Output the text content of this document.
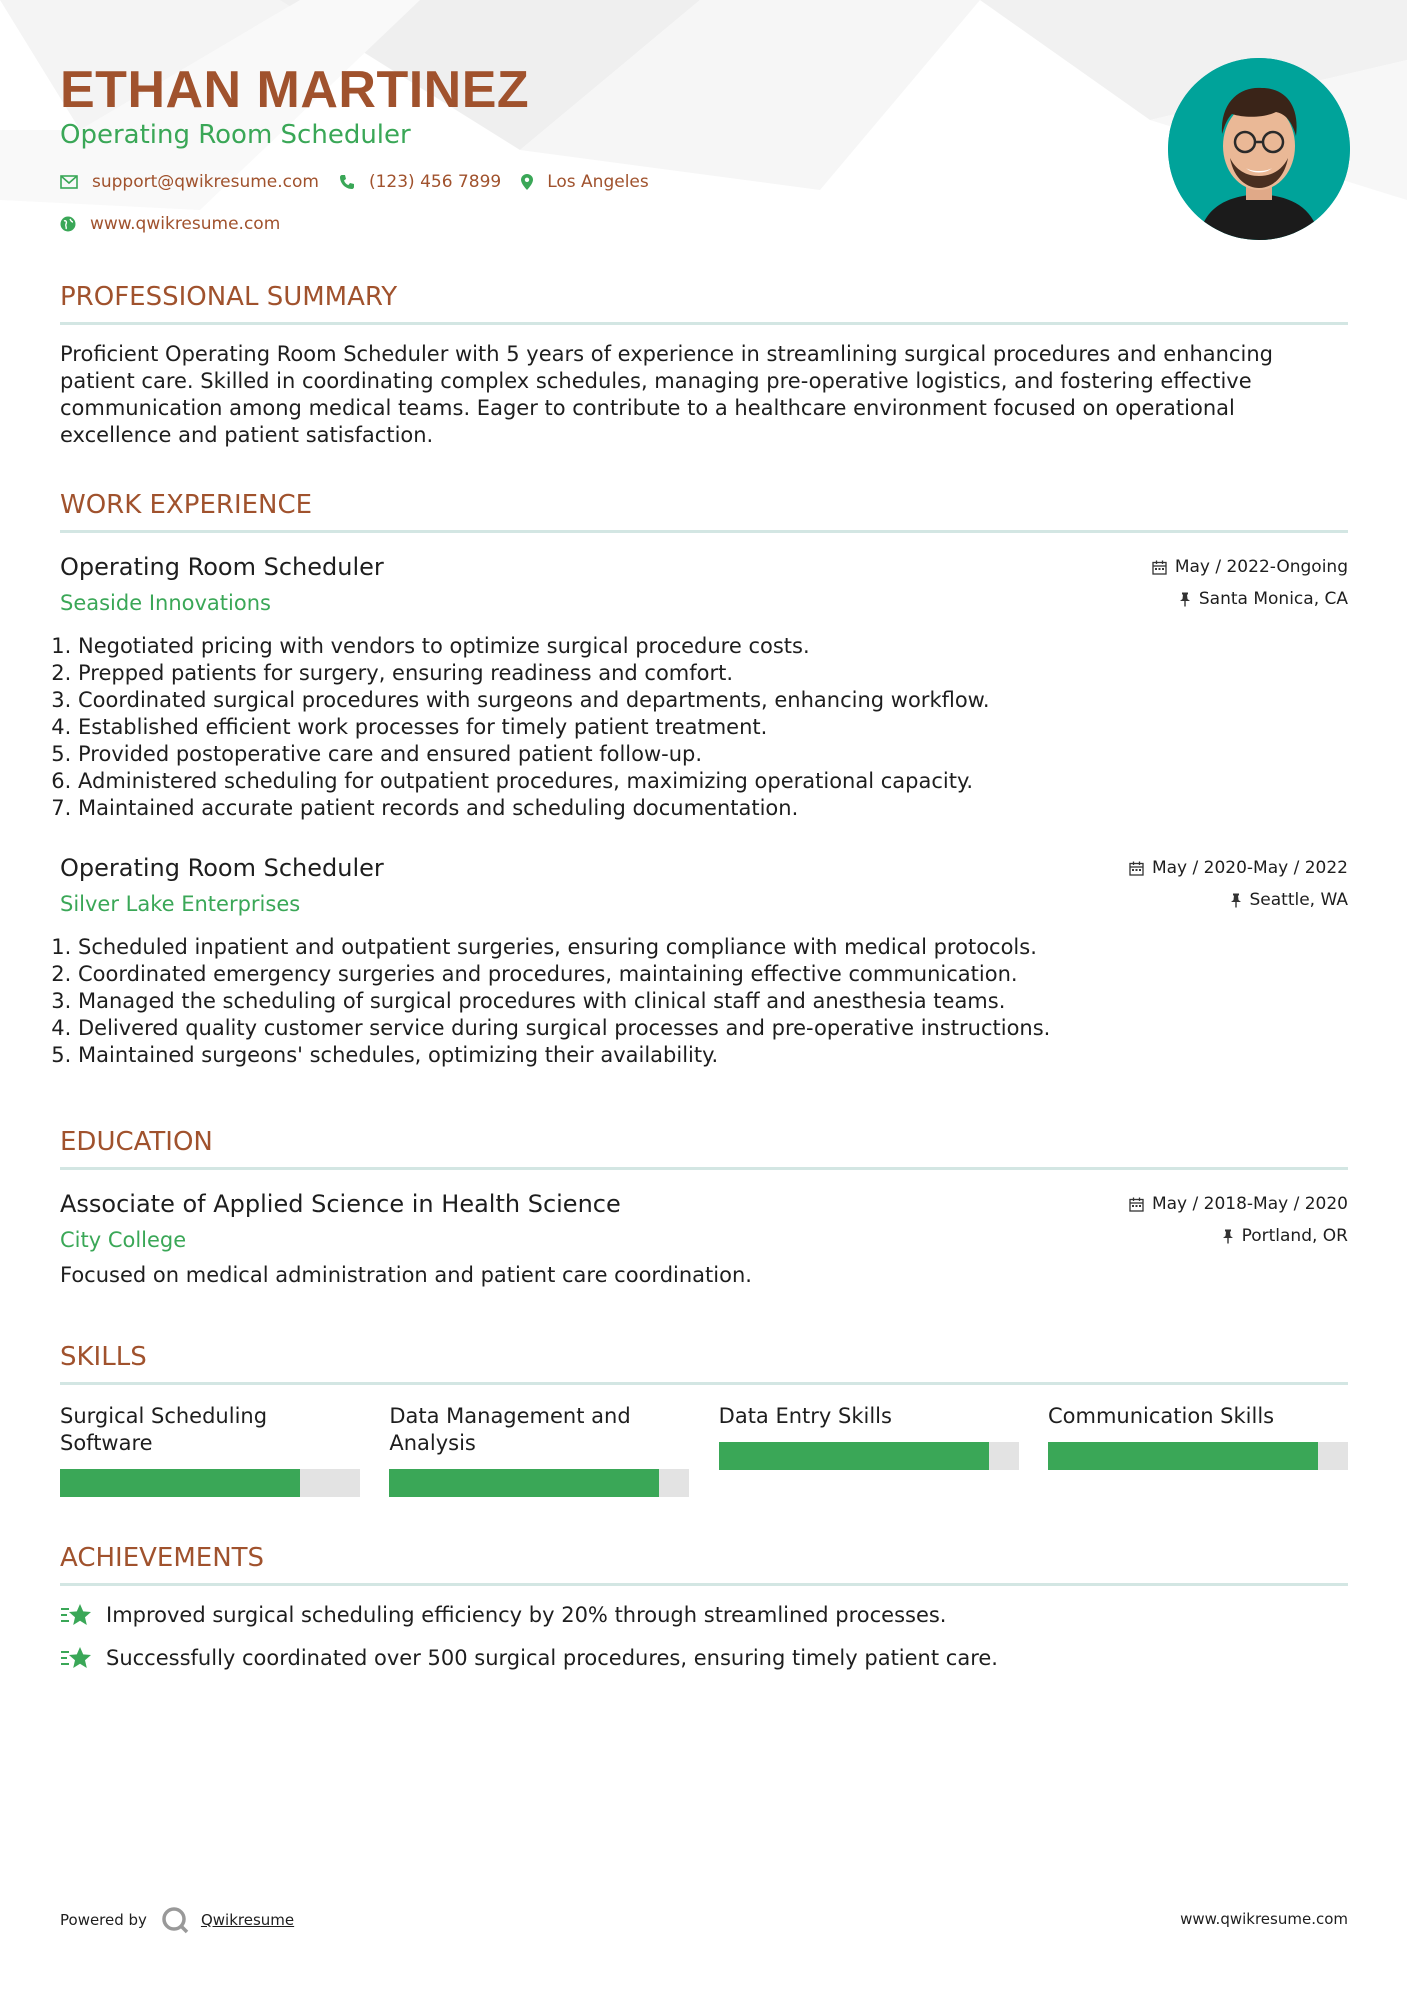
ETHAN MARTINEZ
Operating Room Scheduler
support@qwikresume.com	(123) 456 7899	Los Angeles
www.qwikresume.com
PROFESSIONAL SUMMARY
Proficient Operating Room Scheduler with 5 years of experience in streamlining surgical procedures and enhancing patient care. Skilled in coordinating complex schedules, managing pre-operative logistics, and fostering effective communication among medical teams. Eager to contribute to a healthcare environment focused on operational excellence and patient satisfaction.
WORK EXPERIENCE
Operating Room Scheduler
Seaside Innovations
May / 2022-Ongoing
Santa Monica, CA
1. Negotiated pricing with vendors to optimize surgical procedure costs.
2. Prepped patients for surgery, ensuring readiness and comfort.
3. Coordinated surgical procedures with surgeons and departments, enhancing workflow.
4. Established efficient work processes for timely patient treatment.
5. Provided postoperative care and ensured patient follow-up.
6. Administered scheduling for outpatient procedures, maximizing operational capacity.
7. Maintained accurate patient records and scheduling documentation.
Operating Room Scheduler
Silver Lake Enterprises
May / 2020-May / 2022
Seattle, WA
1. Scheduled inpatient and outpatient surgeries, ensuring compliance with medical protocols.
2. Coordinated emergency surgeries and procedures, maintaining effective communication.
3. Managed the scheduling of surgical procedures with clinical staff and anesthesia teams.
4. Delivered quality customer service during surgical processes and pre-operative instructions.
5. Maintained surgeons' schedules, optimizing their availability.
EDUCATION
Associate of Applied Science in Health Science
City College
May / 2018-May / 2020
Portland, OR
Focused on medical administration and patient care coordination.
SKILLS
Surgical Scheduling Software
Data Management and Analysis
Data Entry Skills	Communication Skills
ACHIEVEMENTS
Improved surgical scheduling efficiency by 20% through streamlined processes.
Successfully coordinated over 500 surgical procedures, ensuring timely patient care.
Powered by	Qwikresume	www.qwikresume.com
